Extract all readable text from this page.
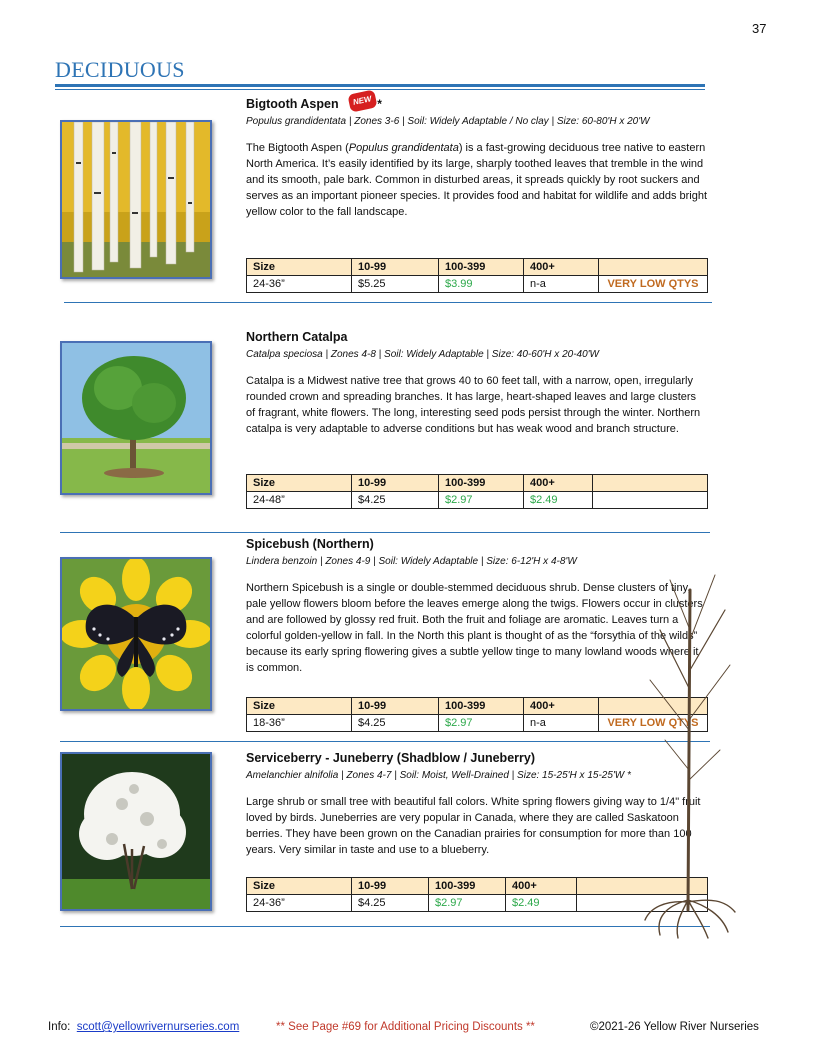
37
DECIDUOUS
Bigtooth Aspen NEW *
Populus grandidentata | Zones 3-6 | Soil: Widely Adaptable / No clay | Size: 60-80'H x 20'W
The Bigtooth Aspen (Populus grandidentata) is a fast-growing deciduous tree native to eastern North America. It’s easily identified by its large, sharply toothed leaves that tremble in the wind and its smooth, pale bark. Common in disturbed areas, it spreads quickly by root suckers and serves as an important pioneer species. It provides food and habitat for wildlife and adds bright yellow color to the fall landscape.
Size	10-99	100-399	400+	
24-36”	$5.25	$3.99	n-a	VERY LOW QTYS
Northern Catalpa
Catalpa speciosa | Zones 4-8 | Soil: Widely Adaptable | Size: 40-60'H x 20-40'W
Catalpa is a Midwest native tree that grows 40 to 60 feet tall, with a narrow, open, irregularly rounded crown and spreading branches. It has large, heart-shaped leaves and large clusters of fragrant, white flowers. The long, interesting seed pods persist through the winter. Northern catalpa is very adaptable to adverse conditions but has weak wood and branch structure.
Size	10-99	100-399	400+	
24-48”	$4.25	$2.97	$2.49	
Spicebush (Northern)
Lindera benzoin | Zones 4-9 | Soil: Widely Adaptable | Size: 6-12'H x 4-8'W
Northern Spicebush is a single or double-stemmed deciduous shrub. Dense clusters of tiny, pale yellow flowers bloom before the leaves emerge along the twigs. Flowers occur in clusters and are followed by glossy red fruit. Both the fruit and foliage are aromatic. Leaves turn a colorful golden-yellow in fall. In the North this plant is thought of as the “forsythia of the wilds” because its early spring flowering gives a subtle yellow tinge to many lowland woods where it is common.
Size	10-99	100-399	400+	
18-36”	$4.25	$2.97	n-a	VERY LOW QTYS
Serviceberry - Juneberry (Shadblow / Juneberry)
Amelanchier alnifolia | Zones 4-7 | Soil: Moist, Well-Drained | Size: 15-25'H x 15-25'W *
Large shrub or small tree with beautiful fall colors. White spring flowers giving way to 1/4" fruit loved by birds. Juneberries are very popular in Canada, where they are called Saskatoon berries. They have been grown on the Canadian prairies for consumption for more than 100 years. Very similar in taste and use to a blueberry.
Size	10-99	100-399	400+	
24-36”	$4.25	$2.97	$2.49	
Info: scott@yellowrivernurseries.com	** See Page #69 for Additional Pricing Discounts **	©2021-26 Yellow River Nurseries
